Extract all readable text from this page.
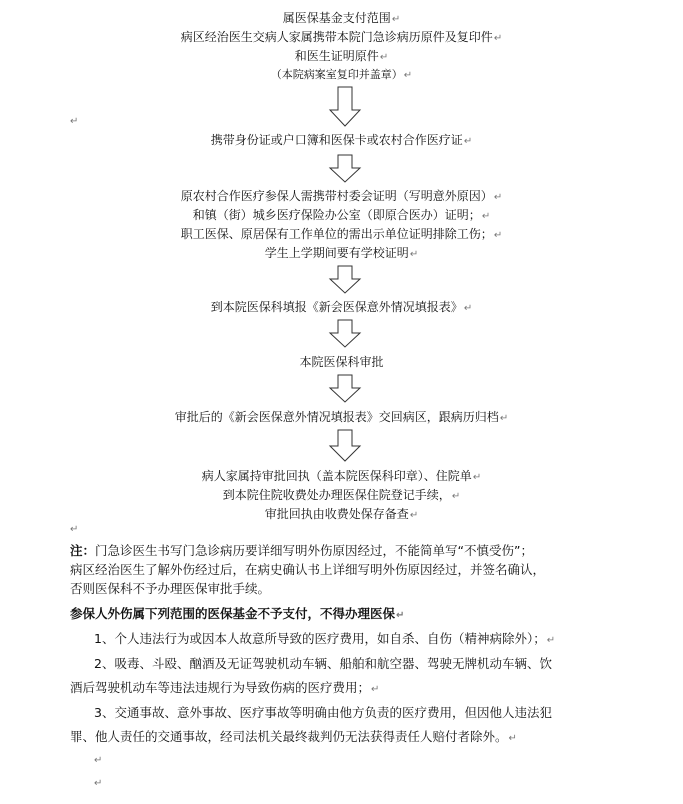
属医保基金支付范围↵
病区经治医生交病人家属携带本院门急诊病历原件及复印件↵
和医生证明原件↵
（本院病案室复印并盖章）↵
↵
携带身份证或户口簿和医保卡或农村合作医疗证↵
原农村合作医疗参保人需携带村委会证明（写明意外原因）↵
和镇（街）城乡医疗保险办公室（即原合医办）证明；↵
职工医保、原居保有工作单位的需出示单位证明排除工伤；↵
学生上学期间要有学校证明↵
到本院医保科填报《新会医保意外情况填报表》↵
本院医保科审批
审批后的《新会医保意外情况填报表》交回病区，跟病历归档↵
病人家属持审批回执（盖本院医保科印章）、住院单↵
到本院住院收费处办理医保住院登记手续，↵
审批回执由收费处保存备查↵
↵
注：门急诊医生书写门急诊病历要详细写明外伤原因经过，不能简单写“不慎受伤”；
病区经治医生了解外伤经过后，在病史确认书上详细写明外伤原因经过，并签名确认，
否则医保科不予办理医保审批手续。
参保人外伤属下列范围的医保基金不予支付，不得办理医保↵
1、个人违法行为或因本人故意所导致的医疗费用，如自杀、自伤（精神病除外）；↵
2、吸毒、斗殴、酗酒及无证驾驶机动车辆、船舶和航空器、驾驶无牌机动车辆、饮
酒后驾驶机动车等违法违规行为导致伤病的医疗费用；↵
3、交通事故、意外事故、医疗事故等明确由他方负责的医疗费用，但因他人违法犯
罪、他人责任的交通事故，经司法机关最终裁判仍无法获得责任人赔付者除外。↵
↵
↵
